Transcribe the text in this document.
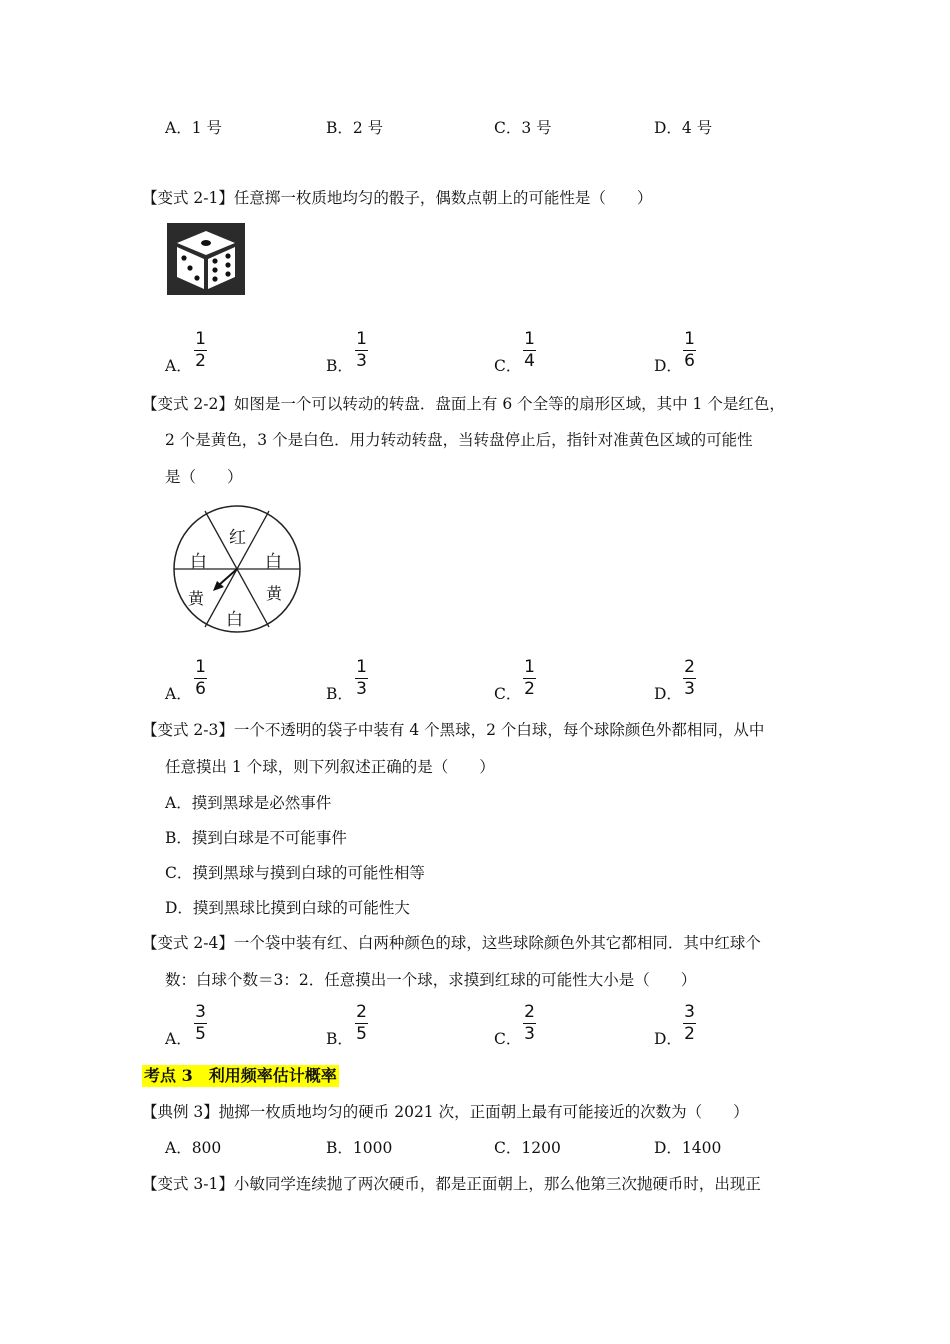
A．1 号	B．2 号	C．3 号	D．4 号
【变式 2-1】任意掷一枚质地均匀的骰子，偶数点朝上的可能性是（　　）
A．
1
2	B．
1
3	C．
1
4	D．
1
6
【变式 2-2】如图是一个可以转动的转盘．盘面上有 6 个全等的扇形区域，其中 1 个是红色，
2 个是黄色，3 个是白色．用力转动转盘，当转盘停止后，指针对准黄色区域的可能性
是（　　）
红
白
黄
白
黄
白
A．
1
6	B．
1
3	C．
1
2	D．
2
3
【变式 2-3】一个不透明的袋子中装有 4 个黑球，2 个白球，每个球除颜色外都相同，从中
任意摸出 1 个球，则下列叙述正确的是（　　）
A．摸到黑球是必然事件
B．摸到白球是不可能事件
C．摸到黑球与摸到白球的可能性相等
D．摸到黑球比摸到白球的可能性大
【变式 2-4】一个袋中装有红、白两种颜色的球，这些球除颜色外其它都相同．其中红球个
数：白球个数＝3：2．任意摸出一个球，求摸到红球的可能性大小是（　　）
A．
3
5	B．
2
5	C．
2
3	D．
3
2
考点 3　利用频率估计概率
【典例 3】抛掷一枚质地均匀的硬币 2021 次，正面朝上最有可能接近的次数为（　　）
A．800	B．1000	C．1200	D．1400
【变式 3-1】小敏同学连续抛了两次硬币，都是正面朝上，那么他第三次抛硬币时，出现正
